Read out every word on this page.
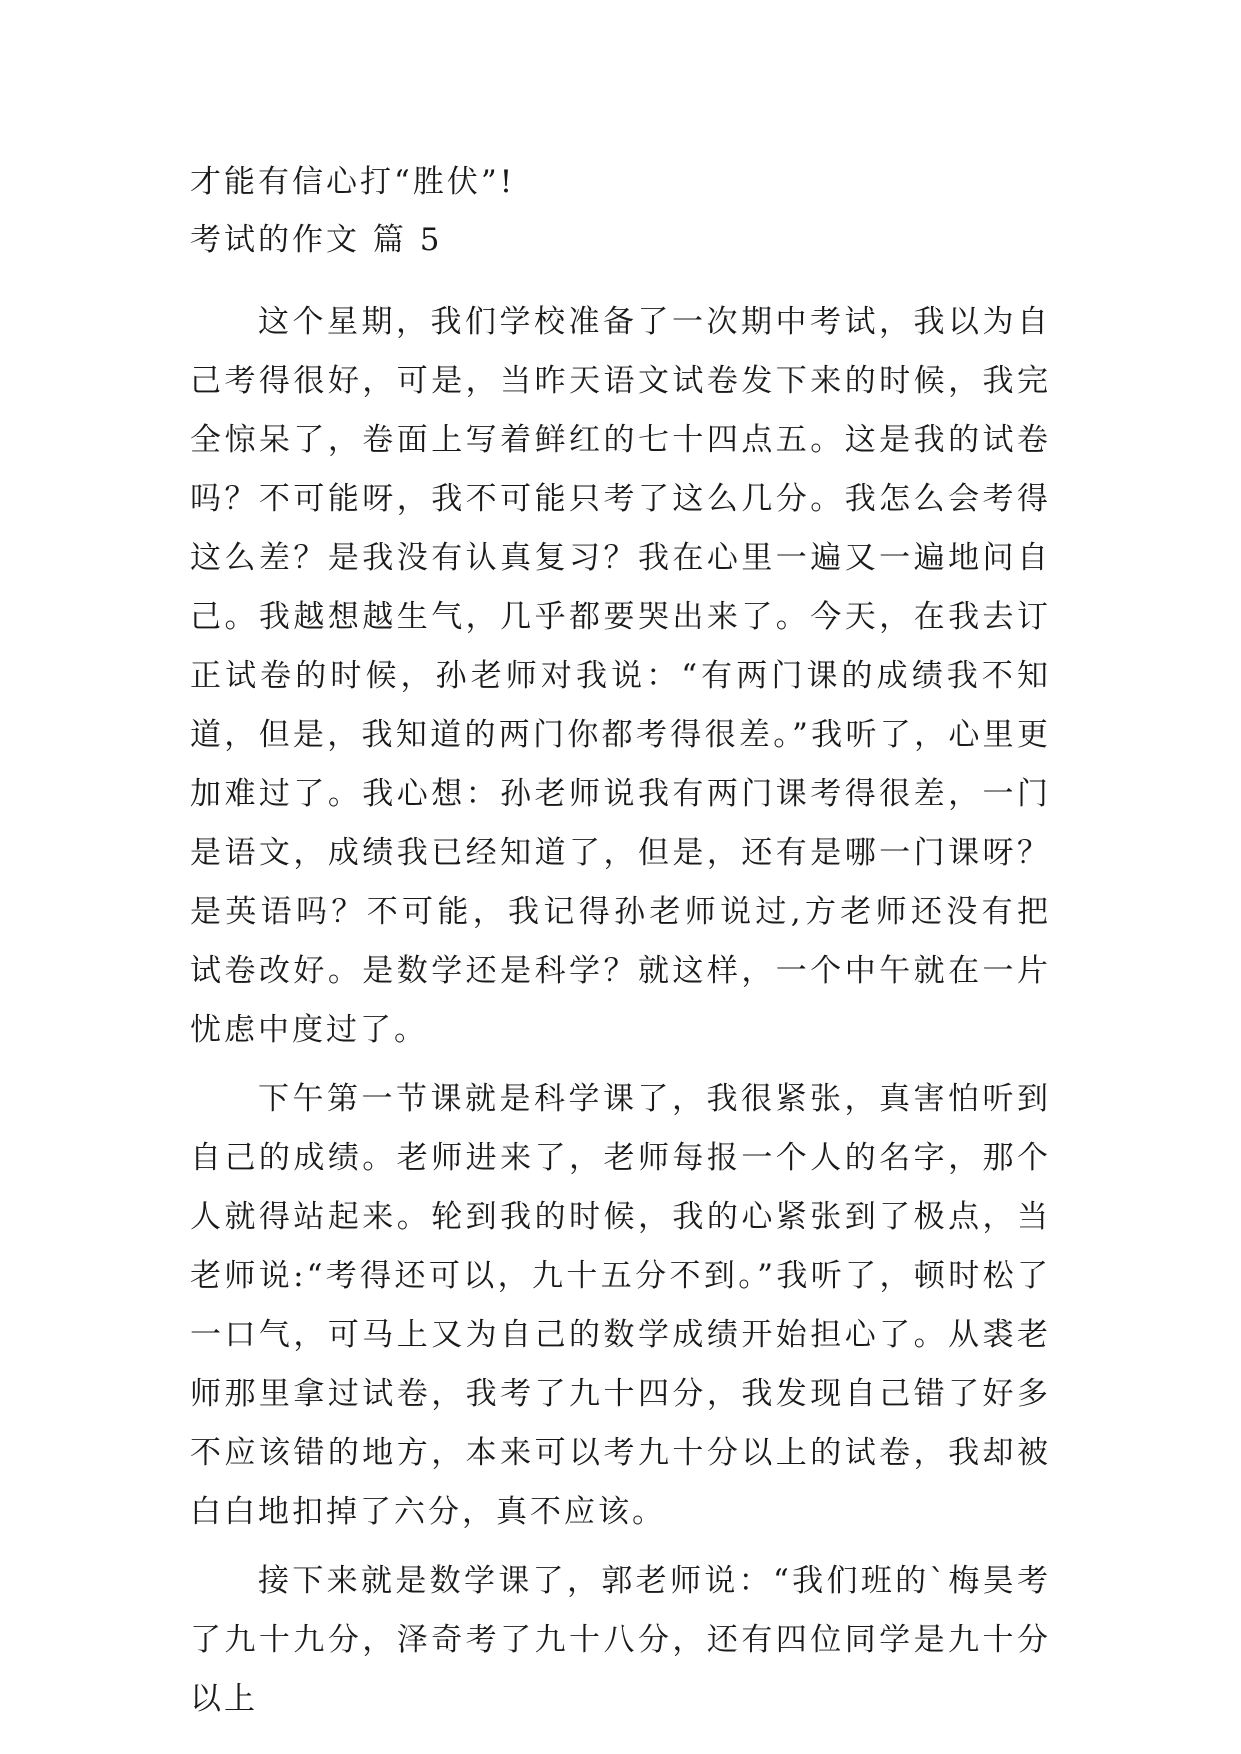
才能有信心打“胜伏”!

考试的作文 篇 5

这个星期，我们学校准备了一次期中考试，我以为自己考得很好，可是，当昨天语文试卷发下来的时候，我完全惊呆了，卷面上写着鲜红的七十四点五。这是我的试卷吗？不可能呀，我不可能只考了这么几分。我怎么会考得这么差？是我没有认真复习？我在心里一遍又一遍地问自己。我越想越生气，几乎都要哭出来了。今天，在我去订正试卷的时候，孙老师对我说：“有两门课的成绩我不知道，但是，我知道的两门你都考得很差。”我听了，心里更加难过了。我心想：孙老师说我有两门课考得很差，一门是语文，成绩我已经知道了，但是，还有是哪一门课呀？是英语吗？不可能，我记得孙老师说过,方老师还没有把试卷改好。是数学还是科学？就这样，一个中午就在一片忧虑中度过了。

下午第一节课就是科学课了，我很紧张，真害怕听到自己的成绩。老师进来了，老师每报一个人的名字，那个人就得站起来。轮到我的时候，我的心紧张到了极点，当老师说:“考得还可以，九十五分不到。”我听了，顿时松了一口气，可马上又为自己的数学成绩开始担心了。从裘老师那里拿过试卷，我考了九十四分，我发现自己错了好多不应该错的地方，本来可以考九十分以上的试卷，我却被白白地扣掉了六分，真不应该。

接下来就是数学课了，郭老师说：“我们班的`梅昊考了九十九分，泽奇考了九十八分，还有四位同学是九十分以上
